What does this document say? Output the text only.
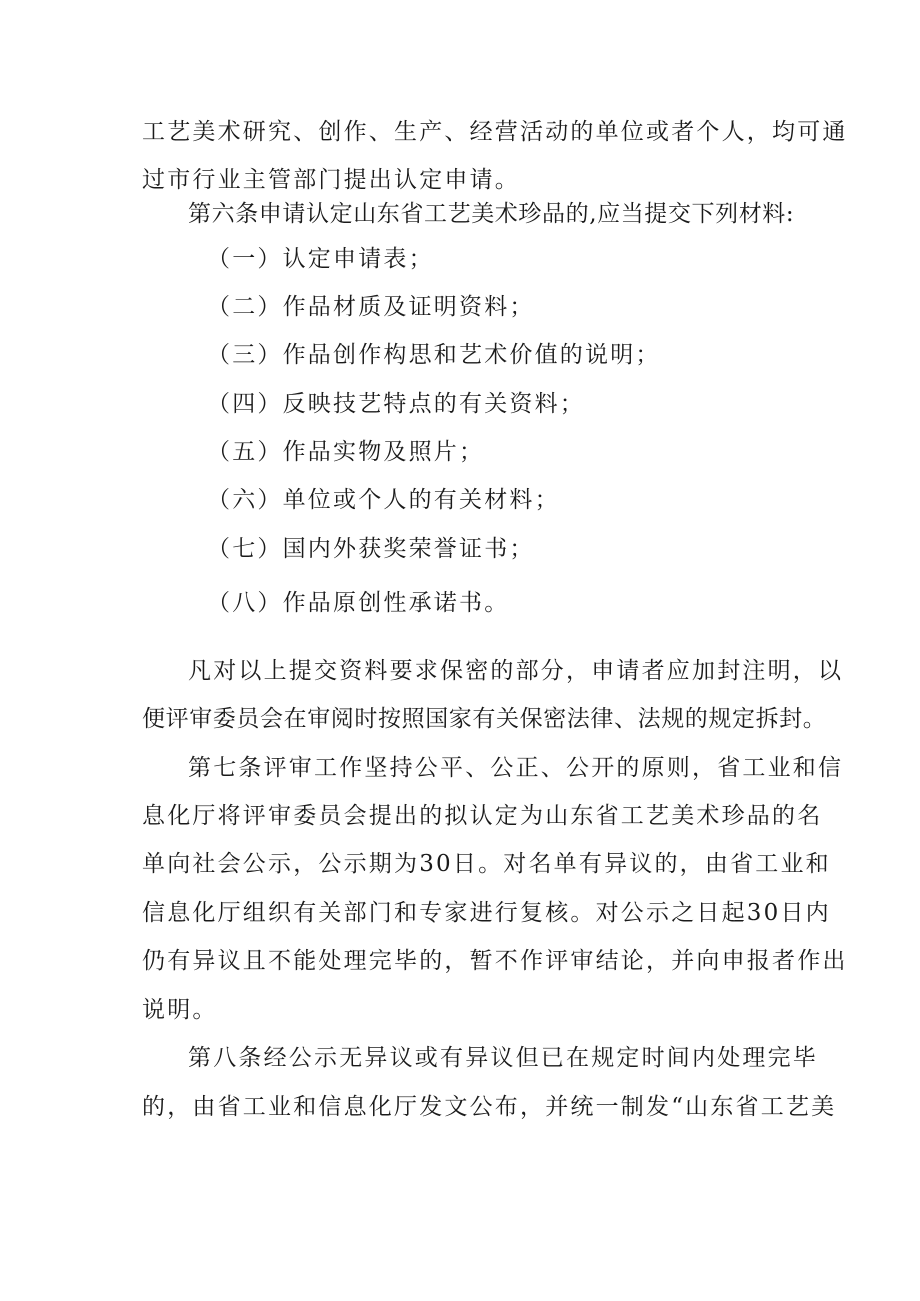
工艺美术研究、创作、生产、经营活动的单位或者个人，均可通
过市行业主管部门提出认定申请。
第六条申请认定山东省工艺美术珍品的,应当提交下列材料:
（一）认定申请表；
（二）作品材质及证明资料；
（三）作品创作构思和艺术价值的说明；
（四）反映技艺特点的有关资料；
（五）作品实物及照片；
（六）单位或个人的有关材料；
（七）国内外获奖荣誉证书；
（八）作品原创性承诺书。
凡对以上提交资料要求保密的部分，申请者应加封注明，以
便评审委员会在审阅时按照国家有关保密法律、法规的规定拆封。
第七条评审工作坚持公平、公正、公开的原则，省工业和信
息化厅将评审委员会提出的拟认定为山东省工艺美术珍品的名
单向社会公示，公示期为30日。对名单有异议的，由省工业和
信息化厅组织有关部门和专家进行复核。对公示之日起30日内
仍有异议且不能处理完毕的，暂不作评审结论，并向申报者作出
说明。
第八条经公示无异议或有异议但已在规定时间内处理完毕
的，由省工业和信息化厅发文公布，并统一制发“山东省工艺美
